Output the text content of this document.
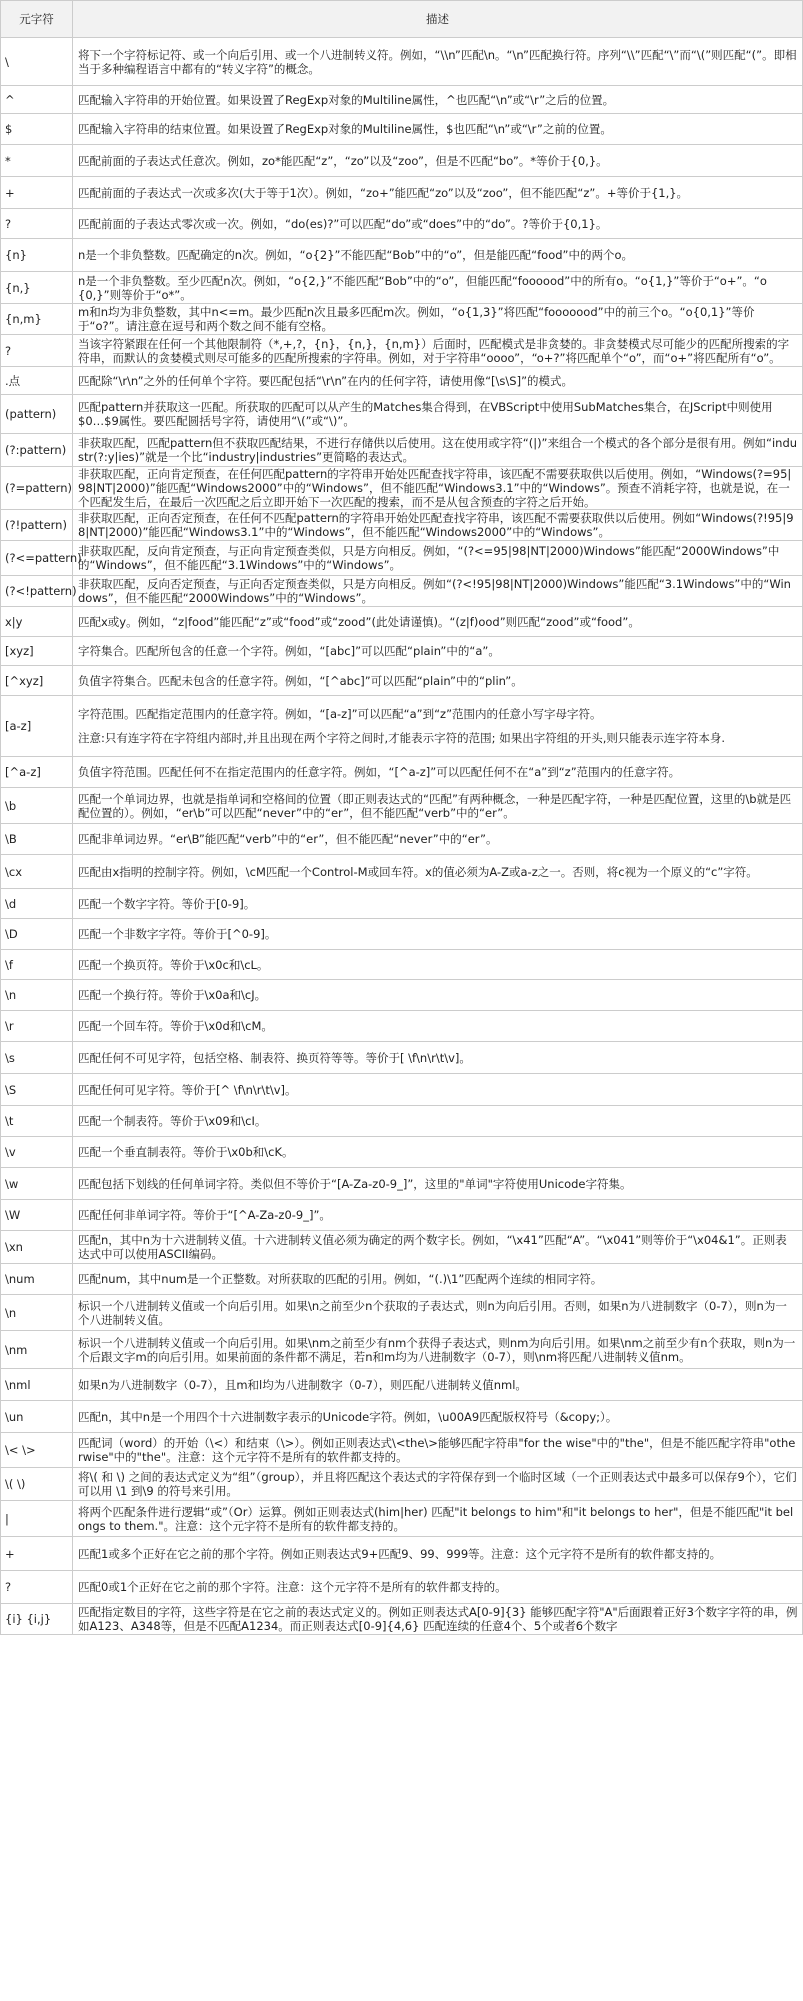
元字符	描述
\	将下一个字符标记符、或一个向后引用、或一个八进制转义符。例如，“\\n”匹配\n。“\n”匹配换行符。序列“\\”匹配“\”而“\(”则匹配“(”。即相当于多种编程语言中都有的“转义字符”的概念。
^	匹配输入字符串的开始位置。如果设置了RegExp对象的Multiline属性，^也匹配“\n”或“\r”之后的位置。
$	匹配输入字符串的结束位置。如果设置了RegExp对象的Multiline属性，$也匹配“\n”或“\r”之前的位置。
*	匹配前面的子表达式任意次。例如，zo*能匹配“z”，“zo”以及“zoo”，但是不匹配“bo”。*等价于{0,}。
+	匹配前面的子表达式一次或多次(大于等于1次）。例如，“zo+”能匹配“zo”以及“zoo”，但不能匹配“z”。+等价于{1,}。
?	匹配前面的子表达式零次或一次。例如，“do(es)?”可以匹配“do”或“does”中的“do”。?等价于{0,1}。
{n}	n是一个非负整数。匹配确定的n次。例如，“o{2}”不能匹配“Bob”中的“o”，但是能匹配“food”中的两个o。
{n,}	n是一个非负整数。至少匹配n次。例如，“o{2,}”不能匹配“Bob”中的“o”，但能匹配“foooood”中的所有o。“o{1,}”等价于“o+”。“o{0,}”则等价于“o*”。
{n,m}	m和n均为非负整数，其中n<=m。最少匹配n次且最多匹配m次。例如，“o{1,3}”将匹配“fooooood”中的前三个o。“o{0,1}”等价于“o?”。请注意在逗号和两个数之间不能有空格。
?	当该字符紧跟在任何一个其他限制符（*,+,?，{n}，{n,}，{n,m}）后面时，匹配模式是非贪婪的。非贪婪模式尽可能少的匹配所搜索的字符串，而默认的贪婪模式则尽可能多的匹配所搜索的字符串。例如，对于字符串“oooo”，“o+?”将匹配单个“o”，而“o+”将匹配所有“o”。
.点	匹配除“\r\n”之外的任何单个字符。要匹配包括“\r\n”在内的任何字符，请使用像“[\s\S]”的模式。
(pattern)	匹配pattern并获取这一匹配。所获取的匹配可以从产生的Matches集合得到，在VBScript中使用SubMatches集合，在JScript中则使用$0…$9属性。要匹配圆括号字符，请使用“\(”或“\)”。
(?:pattern)	非获取匹配，匹配pattern但不获取匹配结果，不进行存储供以后使用。这在使用或字符“(|)”来组合一个模式的各个部分是很有用。例如“industr(?:y|ies)”就是一个比“industry|industries”更简略的表达式。
(?=pattern)	非获取匹配，正向肯定预查，在任何匹配pattern的字符串开始处匹配查找字符串，该匹配不需要获取供以后使用。例如，“Windows(?=95|98|NT|2000)”能匹配“Windows2000”中的“Windows”，但不能匹配“Windows3.1”中的“Windows”。预查不消耗字符，也就是说，在一个匹配发生后，在最后一次匹配之后立即开始下一次匹配的搜索，而不是从包含预查的字符之后开始。
(?!pattern)	非获取匹配，正向否定预查，在任何不匹配pattern的字符串开始处匹配查找字符串，该匹配不需要获取供以后使用。例如“Windows(?!95|98|NT|2000)”能匹配“Windows3.1”中的“Windows”，但不能匹配“Windows2000”中的“Windows”。
(?<=pattern)	非获取匹配，反向肯定预查，与正向肯定预查类似，只是方向相反。例如，“(?<=95|98|NT|2000)Windows”能匹配“2000Windows”中的“Windows”，但不能匹配“3.1Windows”中的“Windows”。
(?<!pattern)	非获取匹配，反向否定预查，与正向否定预查类似，只是方向相反。例如“(?<!95|98|NT|2000)Windows”能匹配“3.1Windows”中的“Windows”，但不能匹配“2000Windows”中的“Windows”。
x|y	匹配x或y。例如，“z|food”能匹配“z”或“food”或“zood”(此处请谨慎)。“(z|f)ood”则匹配“zood”或“food”。
[xyz]	字符集合。匹配所包含的任意一个字符。例如，“[abc]”可以匹配“plain”中的“a”。
[^xyz]	负值字符集合。匹配未包含的任意字符。例如，“[^abc]”可以匹配“plain”中的“plin”。
[a-z]	字符范围。匹配指定范围内的任意字符。例如，“[a-z]”可以匹配“a”到“z”范围内的任意小写字母字符。
注意:只有连字符在字符组内部时,并且出现在两个字符之间时,才能表示字符的范围; 如果出字符组的开头,则只能表示连字符本身.

[^a-z]	负值字符范围。匹配任何不在指定范围内的任意字符。例如，“[^a-z]”可以匹配任何不在“a”到“z”范围内的任意字符。
\b	匹配一个单词边界，也就是指单词和空格间的位置（即正则表达式的“匹配”有两种概念，一种是匹配字符，一种是匹配位置，这里的\b就是匹配位置的）。例如，“er\b”可以匹配“never”中的“er”，但不能匹配“verb”中的“er”。
\B	匹配非单词边界。“er\B”能匹配“verb”中的“er”，但不能匹配“never”中的“er”。
\cx	匹配由x指明的控制字符。例如，\cM匹配一个Control-M或回车符。x的值必须为A-Z或a-z之一。否则，将c视为一个原义的“c”字符。
\d	匹配一个数字字符。等价于[0-9]。
\D	匹配一个非数字字符。等价于[^0-9]。
\f	匹配一个换页符。等价于\x0c和\cL。
\n	匹配一个换行符。等价于\x0a和\cJ。
\r	匹配一个回车符。等价于\x0d和\cM。
\s	匹配任何不可见字符，包括空格、制表符、换页符等等。等价于[ \f\n\r\t\v]。
\S	匹配任何可见字符。等价于[^ \f\n\r\t\v]。
\t	匹配一个制表符。等价于\x09和\cI。
\v	匹配一个垂直制表符。等价于\x0b和\cK。
\w	匹配包括下划线的任何单词字符。类似但不等价于“[A-Za-z0-9_]”，这里的"单词"字符使用Unicode字符集。
\W	匹配任何非单词字符。等价于“[^A-Za-z0-9_]”。
\xn	匹配n，其中n为十六进制转义值。十六进制转义值必须为确定的两个数字长。例如，“\x41”匹配“A”。“\x041”则等价于“\x04&1”。正则表达式中可以使用ASCII编码。
\num	匹配num，其中num是一个正整数。对所获取的匹配的引用。例如，“(.)\1”匹配两个连续的相同字符。
\n	标识一个八进制转义值或一个向后引用。如果\n之前至少n个获取的子表达式，则n为向后引用。否则，如果n为八进制数字（0-7），则n为一个八进制转义值。
\nm	标识一个八进制转义值或一个向后引用。如果\nm之前至少有nm个获得子表达式，则nm为向后引用。如果\nm之前至少有n个获取，则n为一个后跟文字m的向后引用。如果前面的条件都不满足，若n和m均为八进制数字（0-7），则\nm将匹配八进制转义值nm。
\nml	如果n为八进制数字（0-7），且m和l均为八进制数字（0-7），则匹配八进制转义值nml。
\un	匹配n，其中n是一个用四个十六进制数字表示的Unicode字符。例如，\u00A9匹配版权符号（&copy;）。
\< \>	匹配词（word）的开始（\<）和结束（\>）。例如正则表达式\<the\>能够匹配字符串"for the wise"中的"the"，但是不能匹配字符串"otherwise"中的"the"。注意：这个元字符不是所有的软件都支持的。
\( \)	将\( 和 \) 之间的表达式定义为“组”（group），并且将匹配这个表达式的字符保存到一个临时区域（一个正则表达式中最多可以保存9个），它们可以用 \1 到\9 的符号来引用。
|	将两个匹配条件进行逻辑“或”（Or）运算。例如正则表达式(him|her) 匹配"it belongs to him"和"it belongs to her"，但是不能匹配"it belongs to them."。注意：这个元字符不是所有的软件都支持的。
+	匹配1或多个正好在它之前的那个字符。例如正则表达式9+匹配9、99、999等。注意：这个元字符不是所有的软件都支持的。
?	匹配0或1个正好在它之前的那个字符。注意：这个元字符不是所有的软件都支持的。
{i} {i,j}	匹配指定数目的字符，这些字符是在它之前的表达式定义的。例如正则表达式A[0-9]{3} 能够匹配字符"A"后面跟着正好3个数字字符的串，例如A123、A348等，但是不匹配A1234。而正则表达式[0-9]{4,6} 匹配连续的任意4个、5个或者6个数字
